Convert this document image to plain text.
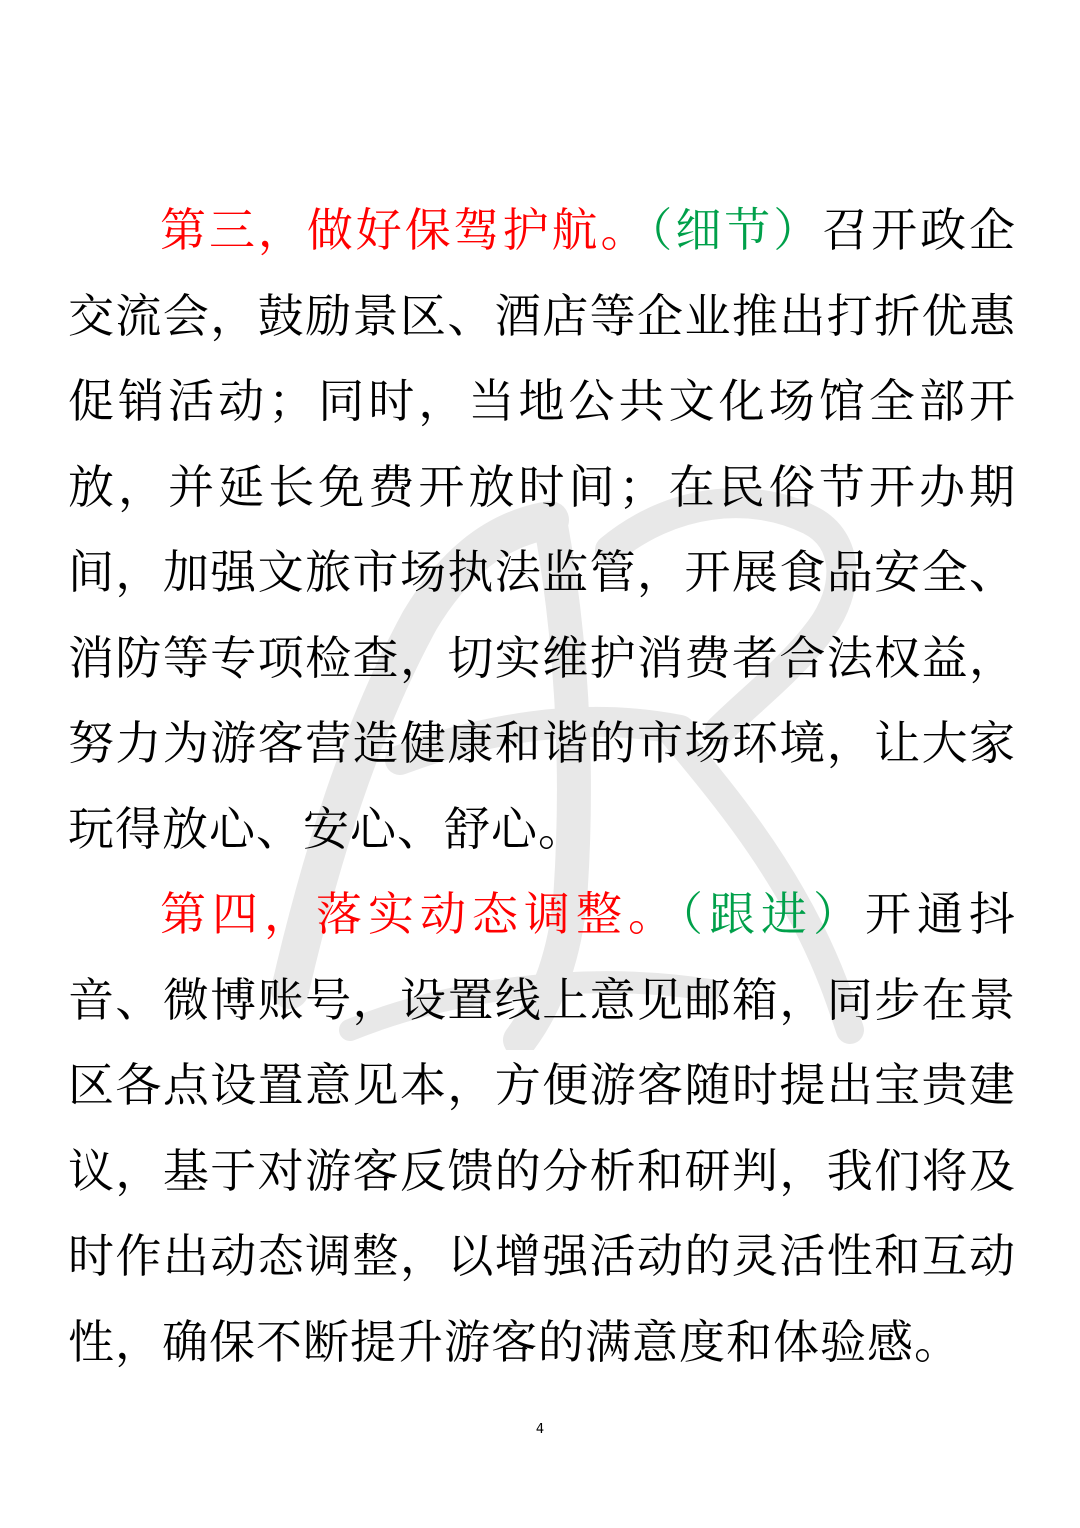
第三，做好保驾护航。（细节）召开政企交流会，鼓励景区、酒店等企业推出打折优惠促销活动；同时，当地公共文化场馆全部开放，并延长免费开放时间；在民俗节开办期间，加强文旅市场执法监管，开展食品安全、消防等专项检查，切实维护消费者合法权益，努力为游客营造健康和谐的市场环境，让大家玩得放心、安心、舒心。

第四，落实动态调整。（跟进）开通抖音、微博账号，设置线上意见邮箱，同步在景区各点设置意见本，方便游客随时提出宝贵建议，基于对游客反馈的分析和研判，我们将及时作出动态调整，以增强活动的灵活性和互动性，确保不断提升游客的满意度和体验感。

4
